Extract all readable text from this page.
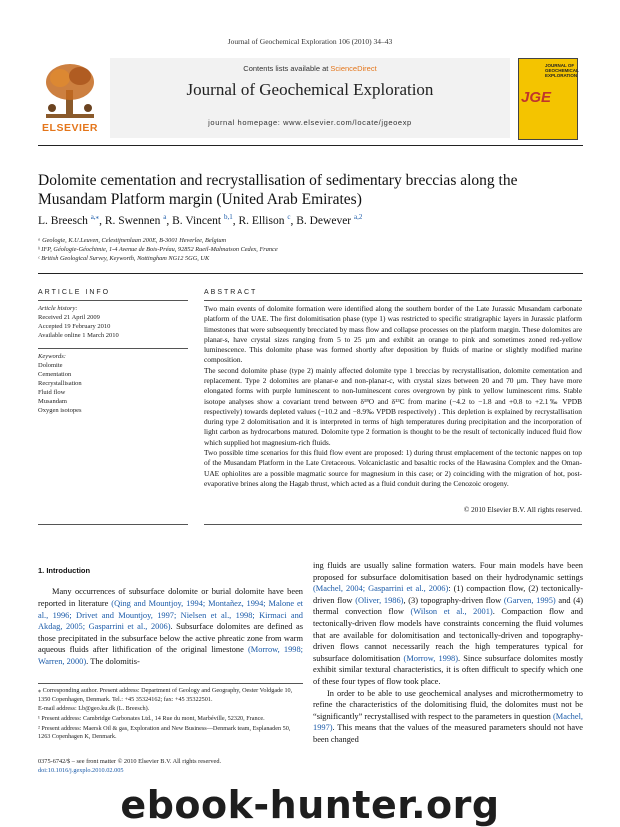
Journal of Geochemical Exploration 106 (2010) 34–43
ELSEVIER
Contents lists available at ScienceDirect
Journal of Geochemical Exploration
journal homepage: www.elsevier.com/locate/jgeoexp
JOURNAL OF GEOCHEMICAL EXPLORATION
JGE
Dolomite cementation and recrystallisation of sedimentary breccias along the Musandam Platform margin (United Arab Emirates)
L. Breesch $^{a,⁎}$, R. Swennen $^a$, B. Vincent $^{b,1}$, R. Ellison $^c$, B. Dewever $^{a,2}$
ᵃ Geologie, K.U.Leuven, Celestijnenlaan 200E, B-3001 Heverlee, Belgium
ᵇ IFP, Géologie-Géochimie, 1-4 Avenue de Bois-Préau, 92852 Rueil-Malmaison Cedex, France
ᶜ British Geological Survey, Keyworth, Nottingham NG12 5GG, UK
ARTICLE INFO	ABSTRACT
Article history:
Received 21 April 2009
Accepted 19 February 2010
Available online 1 March 2010
Keywords:
Dolomite
Cementation
Recrystallisation
Fluid flow
Musandam
Oxygen isotopes

Two main events of dolomite formation were identified along the southern border of the Late Jurassic Musandam carbonate platform of the UAE. The first dolomitisation phase (type 1) was restricted to specific stratigraphic layers in Jurassic platform limestones that were subsequently brecciated by mass flow and collapse processes on the platform margin. These dolomites are planar-s, have crystal sizes ranging from 5 to 25 µm and exhibit an orange to pink and sometimes zoned red-yellow luminescence. This dolomite phase was formed shortly after deposition by fluids of marine or slightly modified marine composition.

The second dolomite phase (type 2) mainly affected dolomite type 1 breccias by recrystallisation, dolomite cementation and replacement. Type 2 dolomites are planar-e and non-planar-c, with crystal sizes between 20 and 70 µm. They have more elongated forms with purple luminescent to non-luminescent cores overgrown by pink to yellow luminescent rims. Stable isotope analyses show a covariant trend between δ¹⁸O and δ¹³C from marine (−4.2 to −1.8 and +0.8 to +2.1‰ VPDB respectively) towards depleted values (−10.2 and −8.9‰ VPDB respectively) . This depletion is explained by recrystallisation during type 2 dolomitisation and it is interpreted in terms of high temperatures during precipitation and the incorporation of light carbon as hydrocarbons matured. Dolomite type 2 formation is thought to be the result of tectonically induced fluid flow which supplied hot magnesium-rich fluids.

Two possible time scenarios for this fluid flow event are proposed: 1) during thrust emplacement of the tectonic nappes on top of the Musandam Platform in the Late Cretaceous. Volcaniclastic and basaltic rocks of the Hawasina Complex and the Oman-UAE ophiolites are a possible magmatic source for magnesium in this case; or 2) coinciding with the migration of hot, post-evaporative brines along the Hagab thrust, which acted as a fluid conduit during the Cenozoic orogeny.

© 2010 Elsevier B.V. All rights reserved.
1. Introduction

Many occurrences of subsurface dolomite or burial dolomite have been reported in literature (Qing and Mountjoy, 1994; Montañez, 1994; Malone et al., 1996; Drivet and Mountjoy, 1997; Nielsen et al., 1998; Kirmaci and Akdag, 2005; Gasparrini et al., 2006). Subsurface dolomites are defined as those precipitated in the subsurface below the active phreatic zone from warm aqueous fluids after lithification of the original limestone (Morrow, 1998; Warren, 2000). The dolomitis-

ing fluids are usually saline formation waters. Four main models have been proposed for subsurface dolomitisation based on their hydrodynamic settings (Machel, 2004; Gasparrini et al., 2006): (1) compaction flow, (2) tectonically-driven flow (Oliver, 1986), (3) topography-driven flow (Garven, 1995) and (4) thermal convection flow (Wilson et al., 2001). Compaction flow and tectonically-driven flow models have constraints concerning the fluid volumes that are available for dolomitisation and tectonically-driven and topography-driven flows cannot necessarily reach the high temperatures typical for subsurface dolomitisation (Morrow, 1998). Since subsurface dolomites mostly exhibit similar textural characteristics, it is often difficult to specify which one of these four types of flow took place.

In order to be able to use geochemical analyses and microthermometry to refine the characteristics of the dolomitising fluid, the dolomites must not be “significantly” recrystallised with respect to the parameters in question (Machel, 1997). This means that the values of the measured parameters should not have been changed

⁎ Corresponding author. Present address: Department of Geology and Geography, Oester Voldgade 10, 1350 Copenhagen, Denmark. Tel.: +45 35324162; fax: +45 35322501.

E-mail address: Lb@geo.ku.dk (L. Breesch).

¹ Present address: Cambridge Carbonates Ltd., 14 Rue du mont, Marbéville, 52320, France.

² Present address: Maersk Oil & gas, Exploration and New Business—Denmark team, Esplanaden 50, 1263 Copenhagen K, Denmark.

0375-6742/$ – see front matter © 2010 Elsevier B.V. All rights reserved.
doi:10.1016/j.gexplo.2010.02.005
ebook-hunter.org
